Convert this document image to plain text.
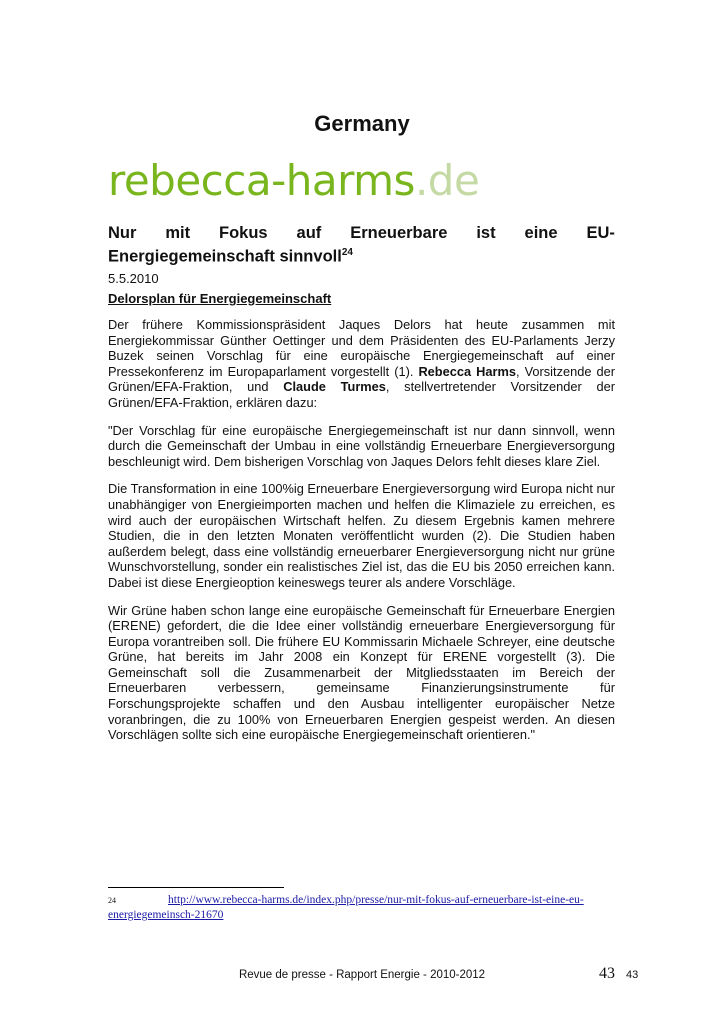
Germany
rebecca-harms.de
Nur mit Fokus auf Erneuerbare ist eine EU-
Energiegemeinschaft sinnvoll$^{24}$
5.5.2010
Delorsplan für Energiegemeinschaft

Der frühere Kommissionspräsident Jaques Delors hat heute zusammen mit Energiekommissar Günther Oettinger und dem Präsidenten des EU-Parlaments Jerzy Buzek seinen Vorschlag für eine europäische Energiegemeinschaft auf einer Pressekonferenz im Europaparlament vorgestellt (1). Rebecca Harms, Vorsitzende der Grünen/EFA-Fraktion, und Claude Turmes, stellvertretender Vorsitzender der Grünen/EFA-Fraktion, erklären dazu:

"Der Vorschlag für eine europäische Energiegemeinschaft ist nur dann sinnvoll, wenn durch die Gemeinschaft der Umbau in eine vollständig Erneuerbare Energieversorgung beschleunigt wird. Dem bisherigen Vorschlag von Jaques Delors fehlt dieses klare Ziel.

Die Transformation in eine 100%ig Erneuerbare Energieversorgung wird Europa nicht nur unabhängiger von Energieimporten machen und helfen die Klimaziele zu erreichen, es wird auch der europäischen Wirtschaft helfen. Zu diesem Ergebnis kamen mehrere Studien, die in den letzten Monaten veröffentlicht wurden (2). Die Studien haben außerdem belegt, dass eine vollständig erneuerbarer Energieversorgung nicht nur grüne Wunschvorstellung, sonder ein realistisches Ziel ist, das die EU bis 2050 erreichen kann. Dabei ist diese Energieoption keineswegs teurer als andere Vorschläge.

Wir Grüne haben schon lange eine europäische Gemeinschaft für Erneuerbare Energien (ERENE) gefordert, die die Idee einer vollständig erneuerbare Energieversorgung für Europa vorantreiben soll. Die frühere EU Kommissarin Michaele Schreyer, eine deutsche Grüne, hat bereits im Jahr 2008 ein Konzept für ERENE vorgestellt (3). Die Gemeinschaft soll die Zusammenarbeit der Mitgliedsstaaten im Bereich der Erneuerbaren verbessern, gemeinsame Finanzierungsinstrumente für Forschungsprojekte schaffen und den Ausbau intelligenter europäischer Netze voranbringen, die zu 100% von Erneuerbaren Energien gespeist werden. An diesen Vorschlägen sollte sich eine europäische Energiegemeinschaft orientieren."

$^{24}$	http://www.rebecca-harms.de/index.php/presse/nur-mit-fokus-auf-erneuerbare-ist-eine-eu-energiegemeinsch-21670
Revue de presse - Rapport Energie - 2010-2012	43 43
